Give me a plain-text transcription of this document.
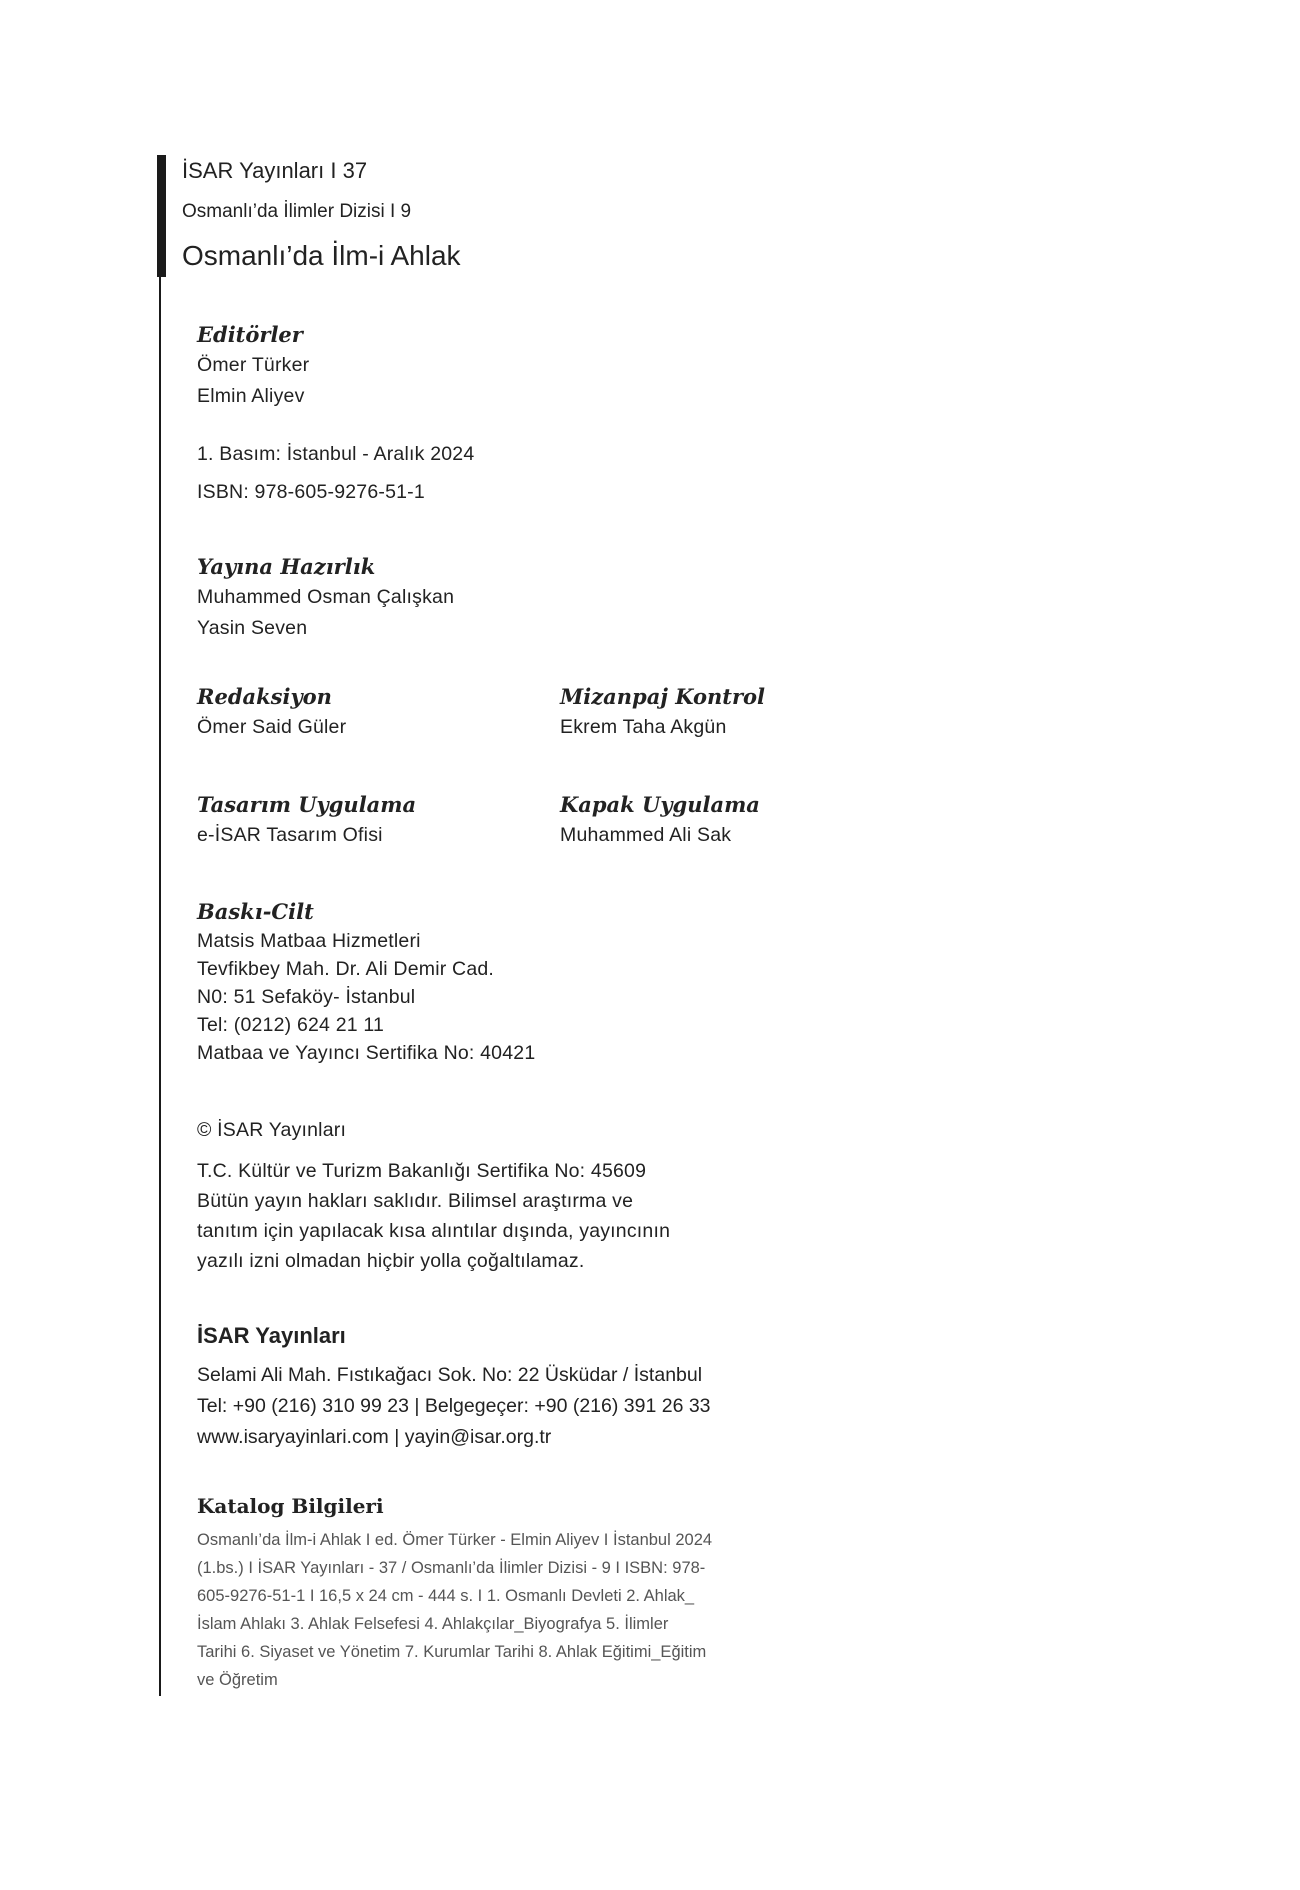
İSAR Yayınları I 37
Osmanlı’da İlimler Dizisi I 9
Osmanlı’da İlm-i Ahlak
Editörler
Ömer Türker
Elmin Aliyev
1. Basım: İstanbul - Aralık 2024
ISBN: 978-605-9276-51-1
Yayına Hazırlık
Muhammed Osman Çalışkan
Yasin Seven
Redaksiyon
Ömer Said Güler
Mizanpaj Kontrol
Ekrem Taha Akgün
Tasarım Uygulama
e-İSAR Tasarım Ofisi
Kapak Uygulama
Muhammed Ali Sak
Baskı-Cilt
Matsis Matbaa Hizmetleri
Tevfikbey Mah. Dr. Ali Demir Cad.
N0: 51 Sefaköy- İstanbul
Tel: (0212) 624 21 11
Matbaa ve Yayıncı Sertifika No: 40421
© İSAR Yayınları
T.C. Kültür ve Turizm Bakanlığı Sertifika No: 45609
Bütün yayın hakları saklıdır. Bilimsel araştırma ve
tanıtım için yapılacak kısa alıntılar dışında, yayıncının
yazılı izni olmadan hiçbir yolla çoğaltılamaz.
İSAR Yayınları
Selami Ali Mah. Fıstıkağacı Sok. No: 22 Üsküdar / İstanbul
Tel: +90 (216) 310 99 23 | Belgegeçer: +90 (216) 391 26 33
www.isaryayinlari.com | yayin@isar.org.tr
Katalog Bilgileri
Osmanlı’da İlm-i Ahlak I ed. Ömer Türker - Elmin Aliyev I İstanbul 2024
(1.bs.) I İSAR Yayınları - 37 / Osmanlı’da İlimler Dizisi - 9 I ISBN: 978-
605-9276-51-1 I 16,5 x 24 cm - 444 s. I 1. Osmanlı Devleti 2. Ahlak_
İslam Ahlakı 3. Ahlak Felsefesi 4. Ahlakçılar_Biyografya 5. İlimler
Tarihi 6. Siyaset ve Yönetim 7. Kurumlar Tarihi 8. Ahlak Eğitimi_Eğitim
ve Öğretim
